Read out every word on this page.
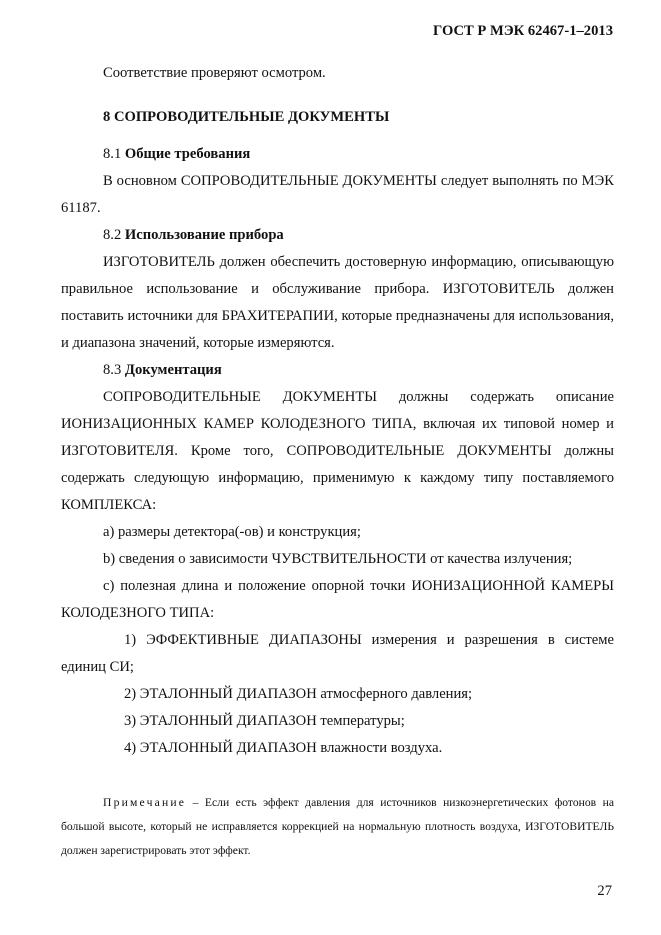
ГОСТ Р МЭК 62467-1–2013

Соответствие проверяют осмотром.

8 СОПРОВОДИТЕЛЬНЫЕ ДОКУМЕНТЫ

8.1 Общие требования

В основном СОПРОВОДИТЕЛЬНЫЕ ДОКУМЕНТЫ следует выполнять по МЭК 61187.

8.2 Использование прибора

ИЗГОТОВИТЕЛЬ должен обеспечить достоверную информацию, описывающую правильное использование и обслуживание прибора. ИЗГОТОВИТЕЛЬ должен поставить источники для БРАХИТЕРАПИИ, которые предназначены для использования, и диапазона значений, которые измеряются.

8.3 Документация

СОПРОВОДИТЕЛЬНЫЕ ДОКУМЕНТЫ должны содержать описание ИОНИЗАЦИОННЫХ КАМЕР КОЛОДЕЗНОГО ТИПА, включая их типовой номер и ИЗГОТОВИТЕЛЯ. Кроме того, СОПРОВОДИТЕЛЬНЫЕ ДОКУМЕНТЫ должны содержать следующую информацию, применимую к каждому типу поставляемого КОМПЛЕКСА:

a) размеры детектора(-ов) и конструкция;

b) сведения о зависимости ЧУВСТВИТЕЛЬНОСТИ от качества излучения;

c) полезная длина и положение опорной точки ИОНИЗАЦИОННОЙ КАМЕРЫ КОЛОДЕЗНОГО ТИПА:

1) ЭФФЕКТИВНЫЕ ДИАПАЗОНЫ измерения и разрешения в системе единиц СИ;

2) ЭТАЛОННЫЙ ДИАПАЗОН атмосферного давления;

3) ЭТАЛОННЫЙ ДИАПАЗОН температуры;

4) ЭТАЛОННЫЙ ДИАПАЗОН влажности воздуха.

Примечание – Если есть эффект давления для источников низкоэнергетических фотонов на большой высоте, который не исправляется коррекцией на нормальную плотность воздуха, ИЗГОТОВИТЕЛЬ должен зарегистрировать этот эффект.

27
